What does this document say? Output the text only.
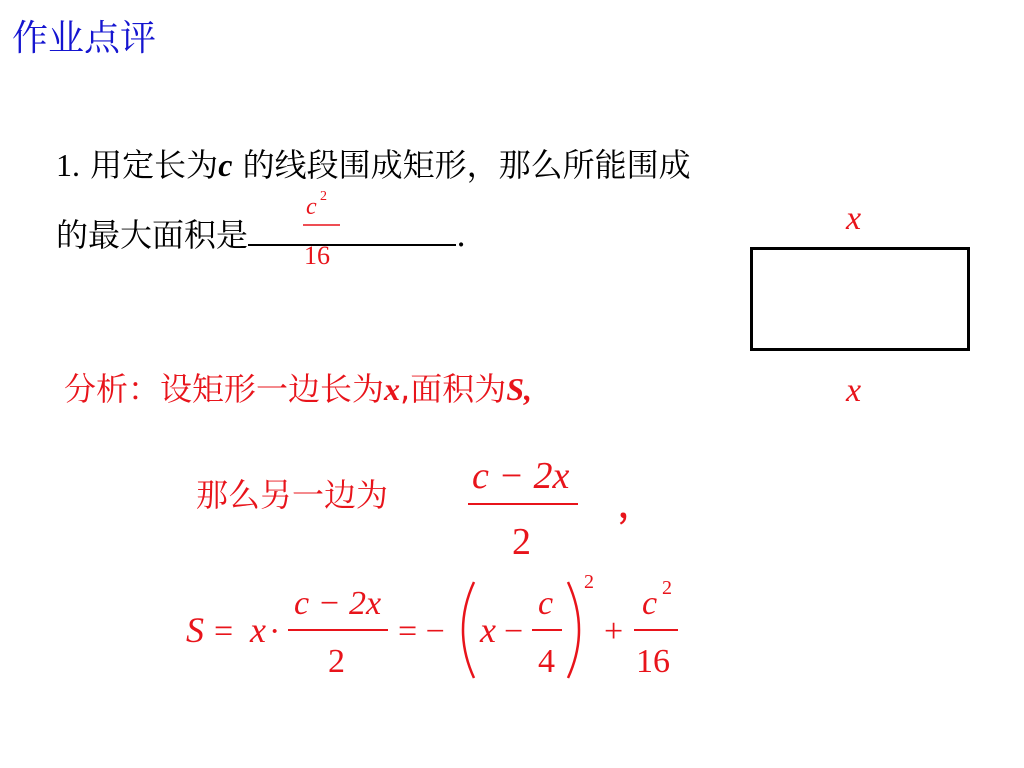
作业点评
1. 用定长为c 的线段围成矩形，那么所能围成
的最大面积是	.
c 2
16
x
x
分析：设矩形一边长为x,面积为S,
那么另一边为 c − 2x
2
，
S = x ·
c − 2x
2
= − x −
c
4
2
+
c 2
16
